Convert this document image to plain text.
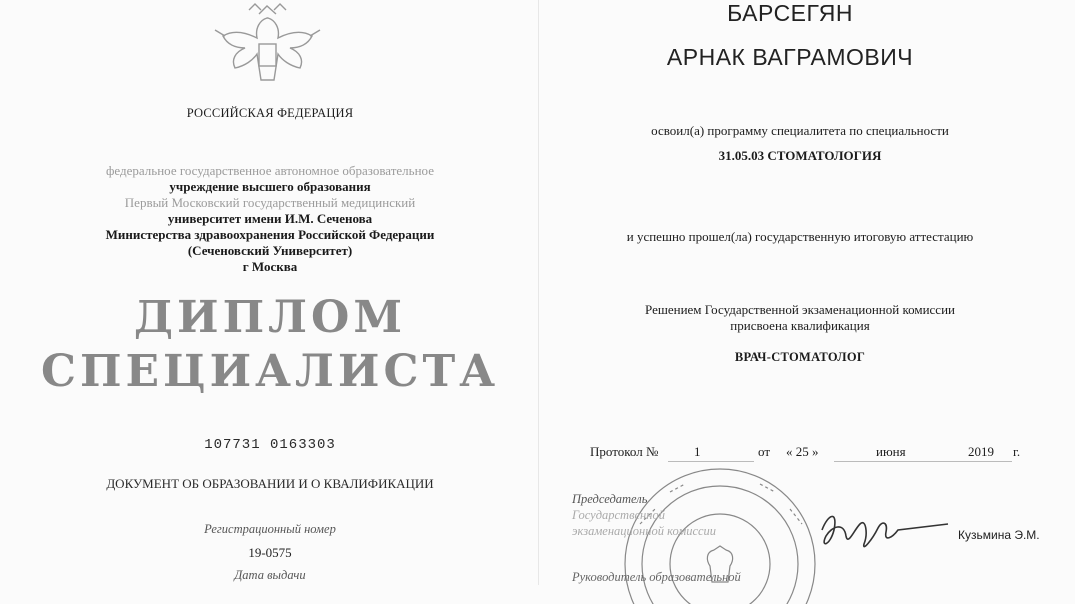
РОССИЙСКАЯ ФЕДЕРАЦИЯ
федеральное государственное автономное образовательное
учреждение высшего образования
Первый Московский государственный медицинский
университет имени И.М. Сеченова
Министерства здравоохранения Российской Федерации
(Сеченовский Университет)
г Москва
ДИПЛОМ
СПЕЦИАЛИСТА
107731 0163303
ДОКУМЕНТ ОБ ОБРАЗОВАНИИ И О КВАЛИФИКАЦИИ
Регистрационный номер
19-0575
Дата выдачи
БАРСЕГЯН
АРНАК ВАГРАМОВИЧ
освоил(а) программу специалитета по специальности
31.05.03 СТОМАТОЛОГИЯ
и успешно прошел(ла) государственную итоговую аттестацию
Решением Государственной экзаменационной комиссии
присвоена квалификация
ВРАЧ-СТОМАТОЛОГ
Протокол №	1	от « 25 »	июня	2019 г.
Председатель
Государственной
экзаменационной комиссии	Кузьмина Э.М.
Руководитель образовательной
